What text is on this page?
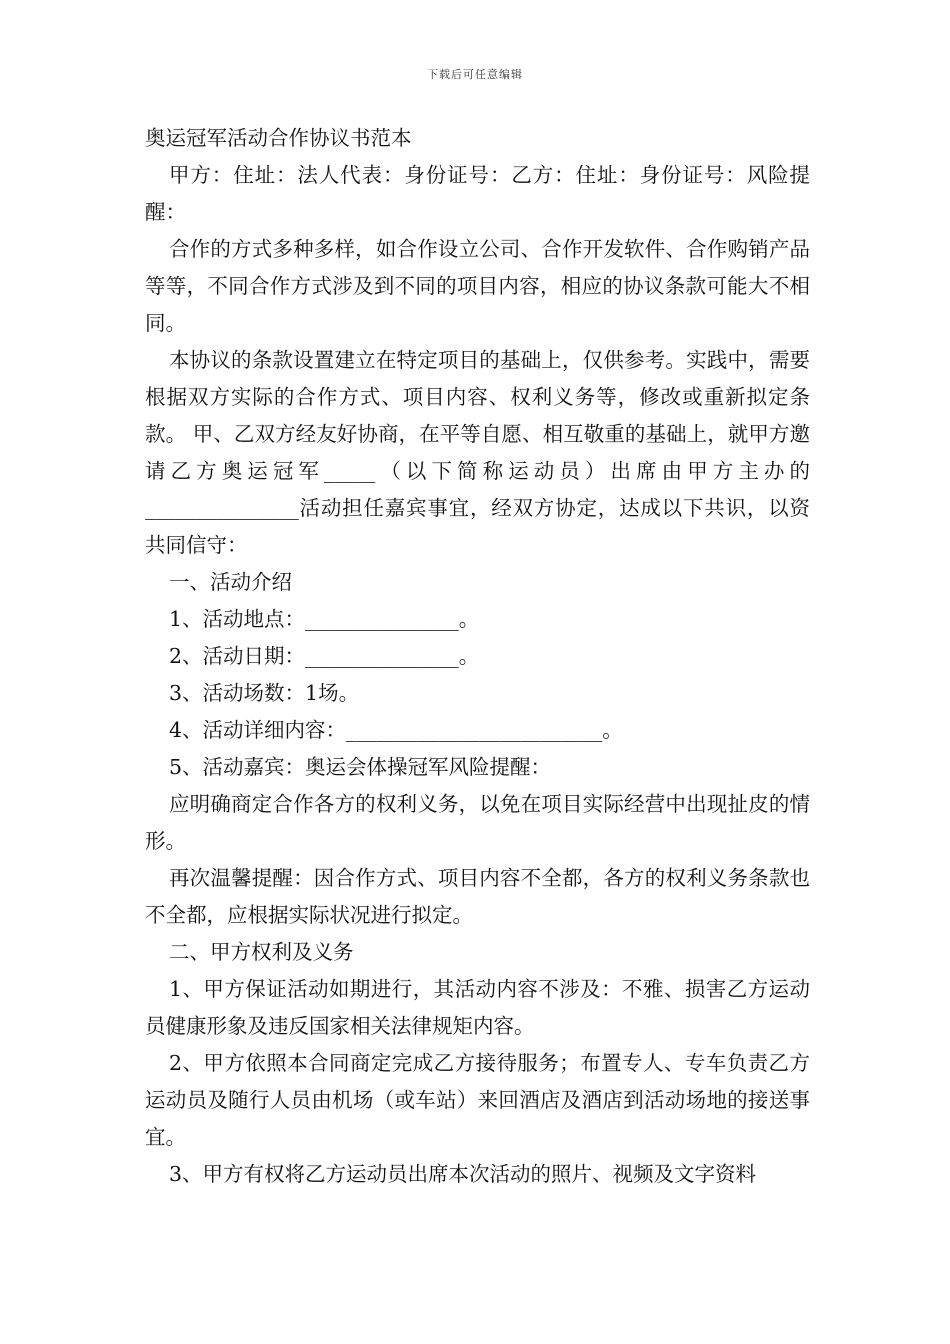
下载后可任意编辑

奥运冠军活动合作协议书范本

甲方：住址：法人代表：身份证号：乙方：住址：身份证号：风险提醒：

合作的方式多种多样，如合作设立公司、合作开发软件、合作购销产品等等，不同合作方式涉及到不同的项目内容，相应的协议条款可能大不相同。

本协议的条款设置建立在特定项目的基础上，仅供参考。实践中，需要根据双方实际的合作方式、项目内容、权利义务等，修改或重新拟定条款。 甲、乙双方经友好协商，在平等自愿、相互敬重的基础上，就甲方邀请乙方奥运冠军_____（以下简称运动员）出席由甲方主办的_______________活动担任嘉宾事宜，经双方协定，达成以下共识，以资共同信守：

一、活动介绍

1、活动地点：_______________。

2、活动日期：_______________。

3、活动场数：1场。

4、活动详细内容：_________________________。

5、活动嘉宾：奥运会体操冠军风险提醒：

应明确商定合作各方的权利义务，以免在项目实际经营中出现扯皮的情形。

再次温馨提醒：因合作方式、项目内容不全都，各方的权利义务条款也不全都，应根据实际状况进行拟定。

二、甲方权利及义务

1、甲方保证活动如期进行，其活动内容不涉及：不雅、损害乙方运动员健康形象及违反国家相关法律规矩内容。

2、甲方依照本合同商定完成乙方接待服务；布置专人、专车负责乙方运动员及随行人员由机场（或车站）来回酒店及酒店到活动场地的接送事宜。

3、甲方有权将乙方运动员出席本次活动的照片、视频及文字资料
